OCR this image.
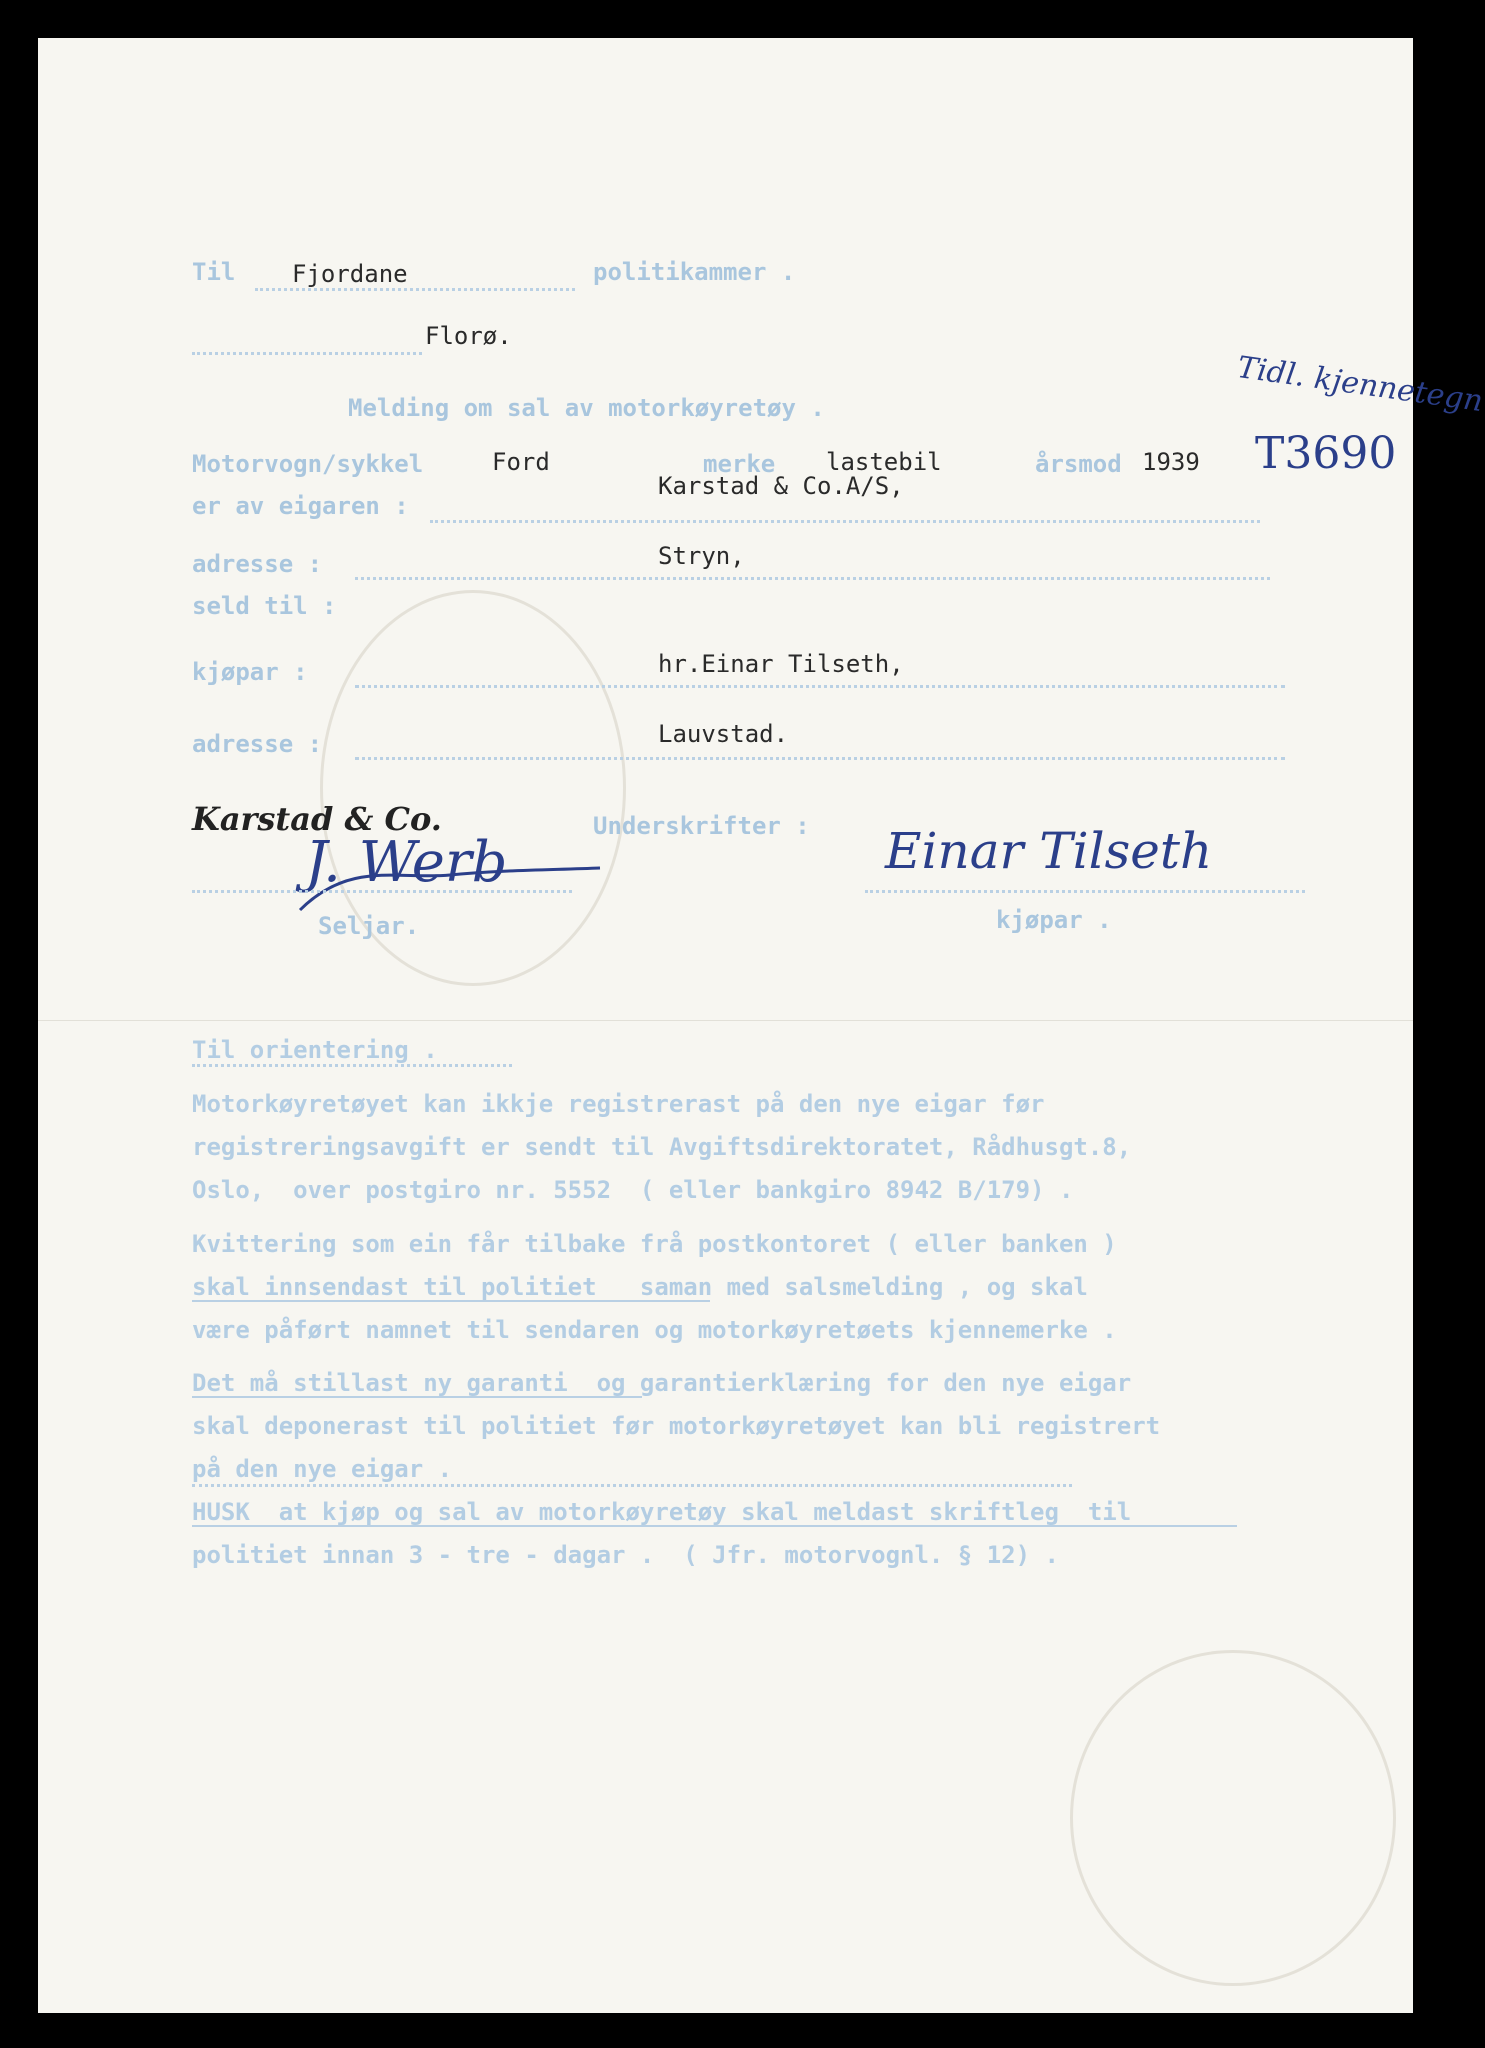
Til Fjordane	politikammer .
Florø.
Tidl. kjennetegn
Melding om sal av motorkøyretøy .
Motorvogn/sykkel	Ford	merke lastebil	årsmod 1939 T3690
er av eigaren :
Karstad & Co.A/S,
adresse :	Stryn,
seld til :
kjøpar :	hr.Einar Tilseth,
adresse :	Lauvstad.
Underskrifter :
Karstad & Co.
J. Werb	Einar Tilseth
Seljar.	kjøpar .
Til orientering .
Motorkøyretøyet kan ikkje registrerast på den nye eigar før
registreringsavgift er sendt til Avgiftsdirektoratet, Rådhusgt.8,
Oslo,  over postgiro nr. 5552  ( eller bankgiro 8942 B/179) .
Kvittering som ein får tilbake frå postkontoret ( eller banken )
skal innsendast til politiet   saman med salsmelding , og skal
være påført namnet til sendaren og motorkøyretøets kjennemerke .
Det må stillast ny garanti  og garantierklæring for den nye eigar
skal deponerast til politiet før motorkøyretøyet kan bli registrert
på den nye eigar .
HUSK  at kjøp og sal av motorkøyretøy skal meldast skriftleg  til
politiet innan 3 - tre - dagar .  ( Jfr. motorvognl. § 12) .
